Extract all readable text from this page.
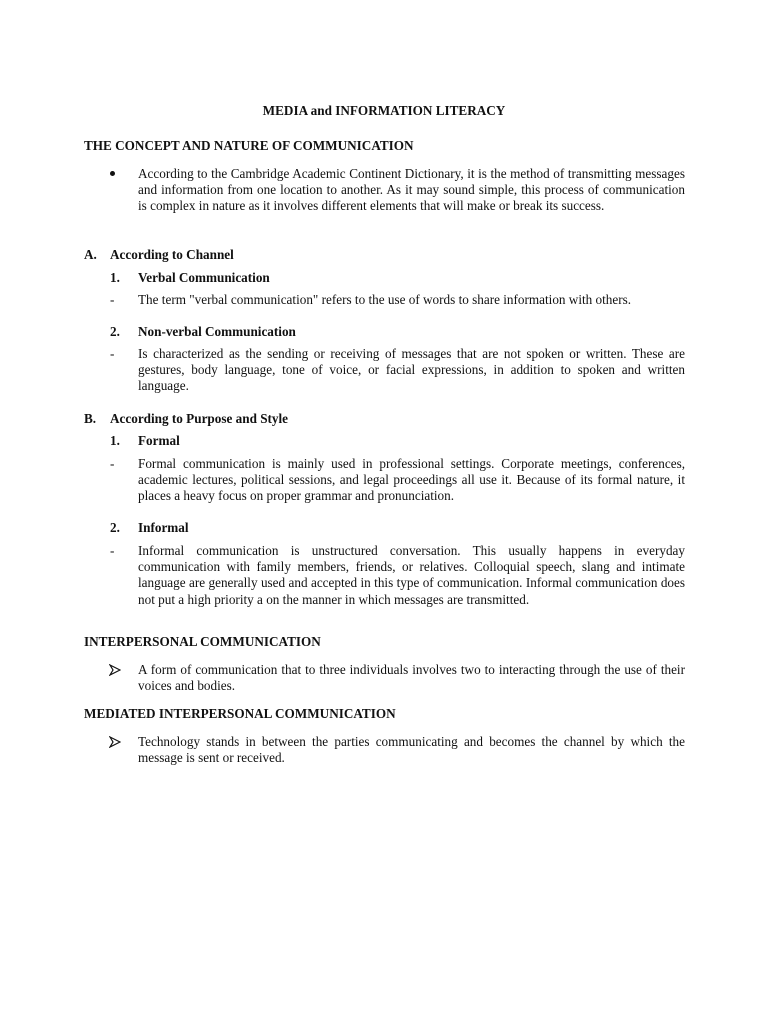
MEDIA and INFORMATION LITERACY
THE CONCEPT AND NATURE OF COMMUNICATION
According to the Cambridge Academic Continent Dictionary, it is the method of transmitting messages and information from one location to another. As it may sound simple, this process of communication is complex in nature as it involves different elements that will make or break its success.
A. According to Channel
1. Verbal Communication
- The term "verbal communication" refers to the use of words to share information with others.
2. Non-verbal Communication
- Is characterized as the sending or receiving of messages that are not spoken or written. These are gestures, body language, tone of voice, or facial expressions, in addition to spoken and written language.
B. According to Purpose and Style
1. Formal
- Formal communication is mainly used in professional settings. Corporate meetings, conferences, academic lectures, political sessions, and legal proceedings all use it. Because of its formal nature, it places a heavy focus on proper grammar and pronunciation.
2. Informal
- Informal communication is unstructured conversation. This usually happens in everyday communication with family members, friends, or relatives. Colloquial speech, slang and intimate language are generally used and accepted in this type of communication. Informal communication does not put a high priority a on the manner in which messages are transmitted.
INTERPERSONAL COMMUNICATION
A form of communication that to three individuals involves two to interacting through the use of their voices and bodies.
MEDIATED INTERPERSONAL COMMUNICATION
Technology stands in between the parties communicating and becomes the channel by which the message is sent or received.
